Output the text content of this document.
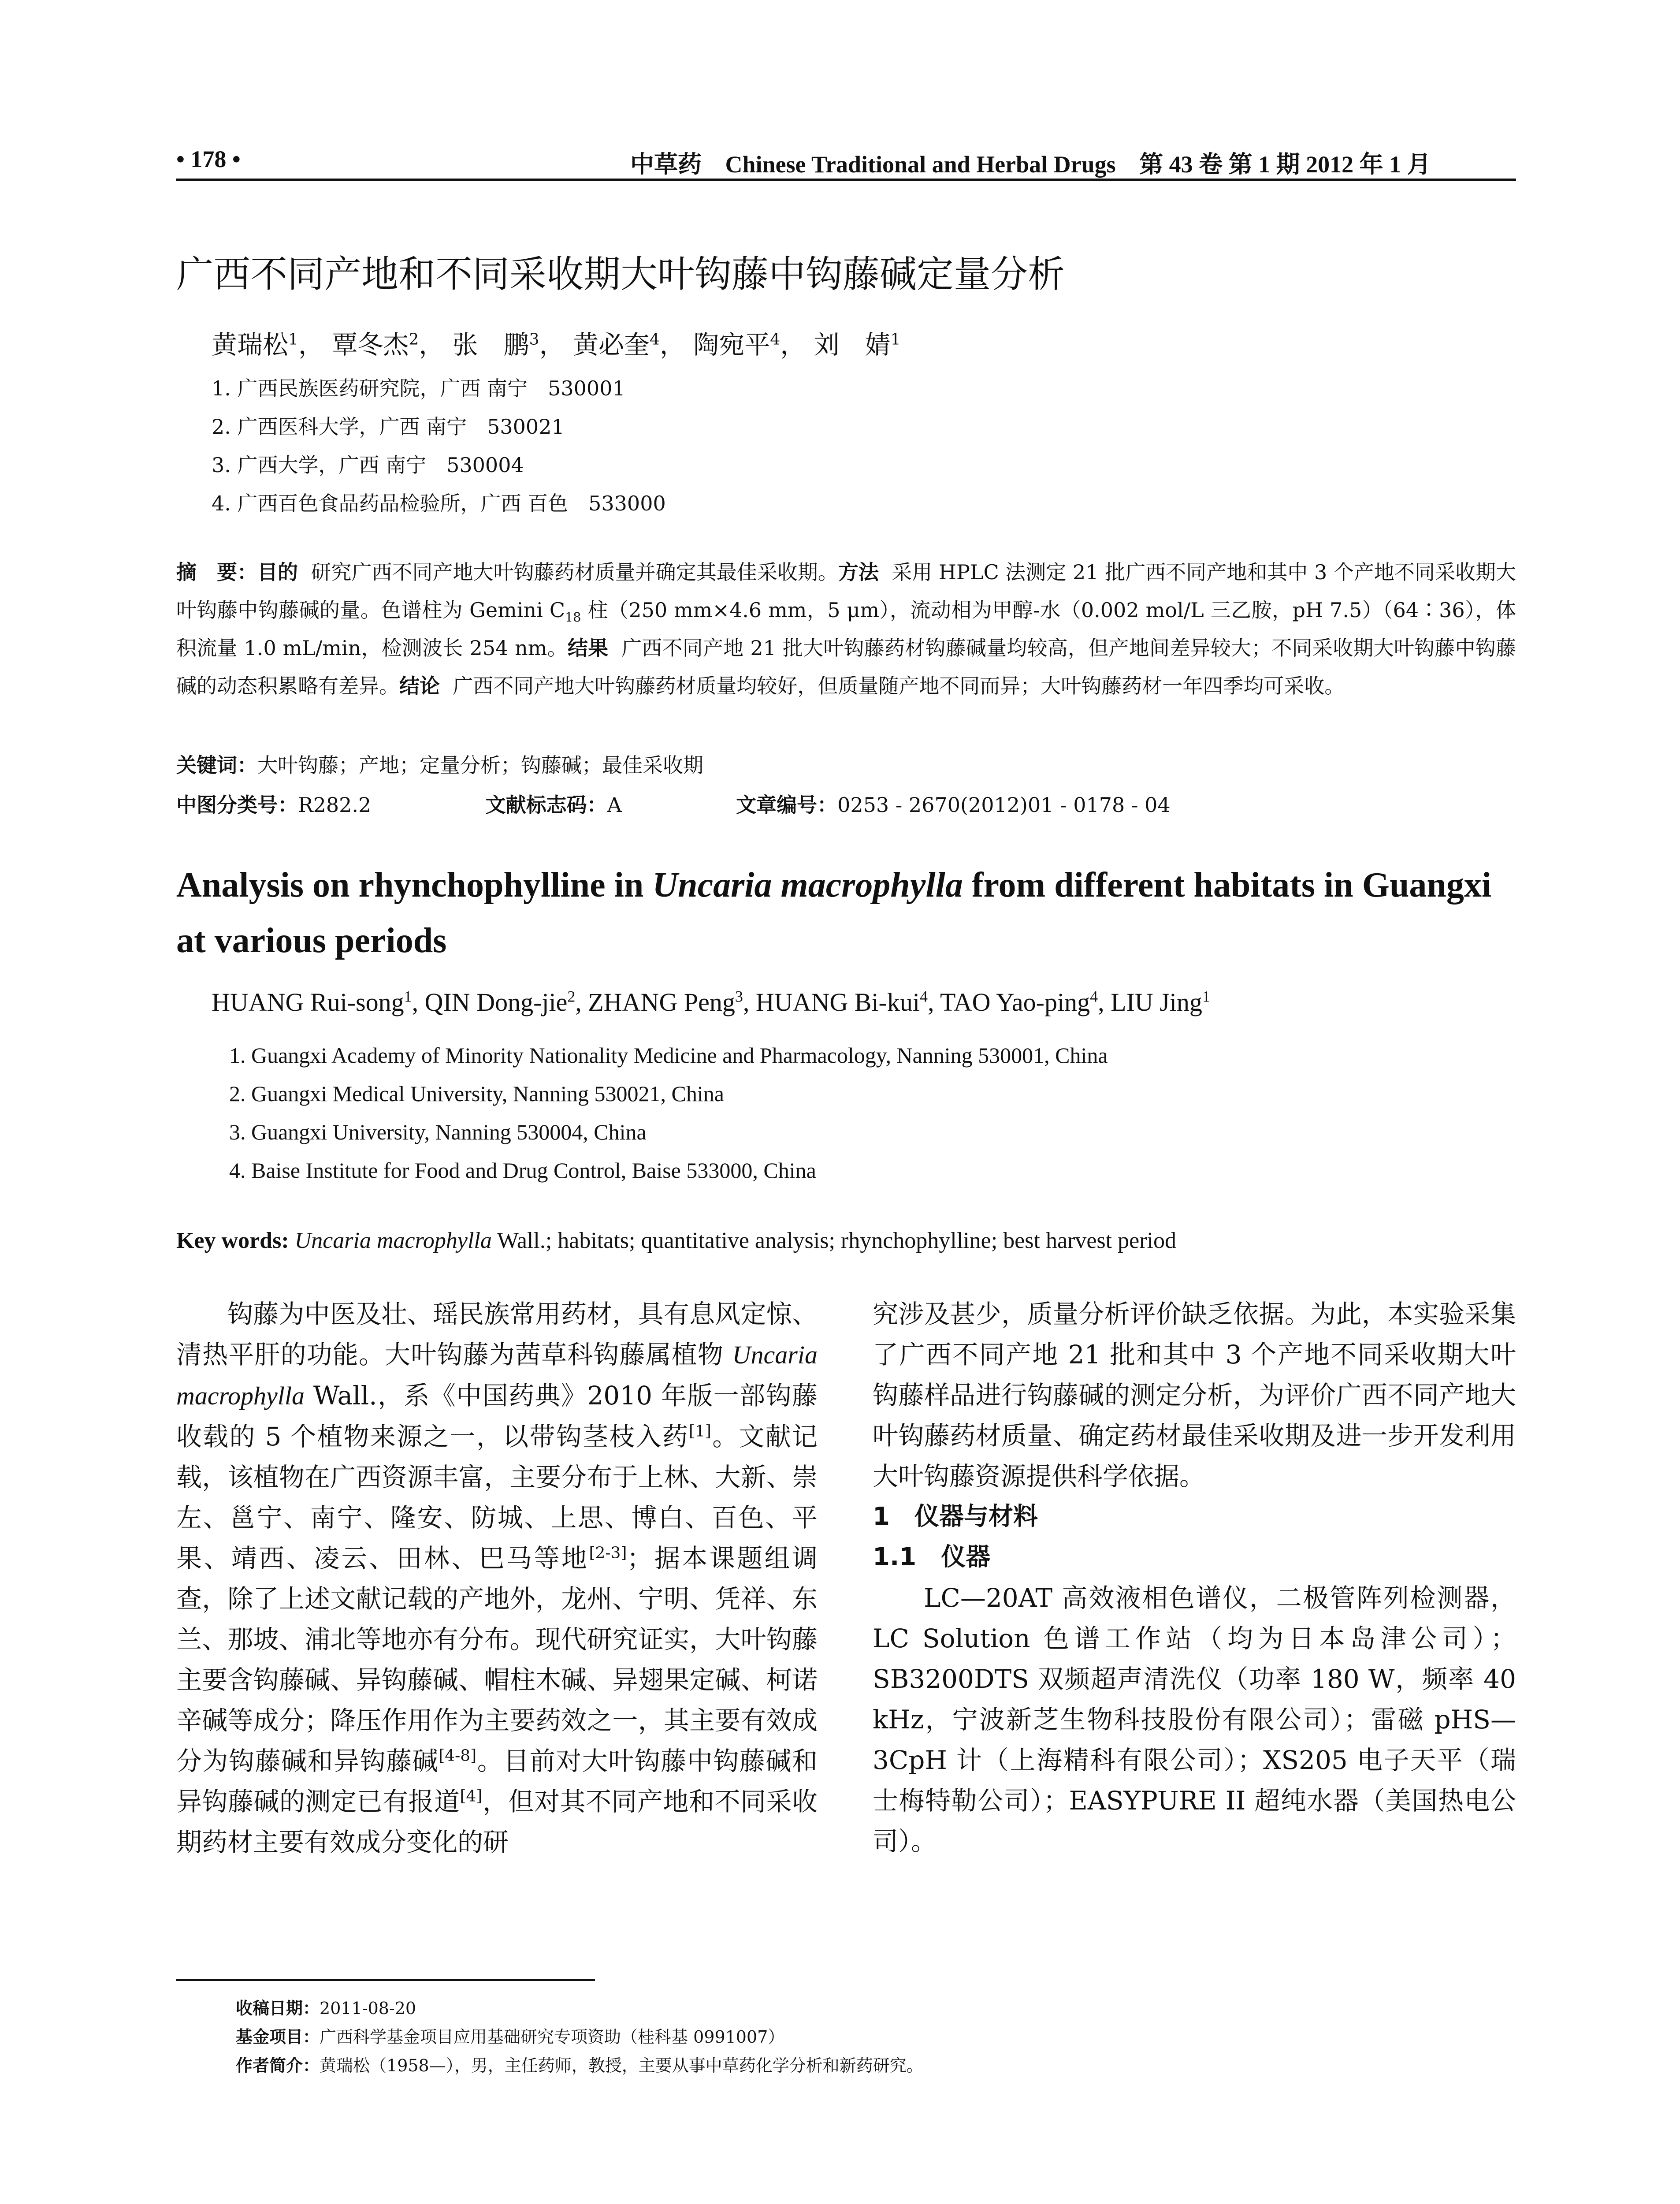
• 178 •	中草药 Chinese Traditional and Herbal Drugs 第 43 卷 第 1 期 2012 年 1 月
广西不同产地和不同采收期大叶钩藤中钩藤碱定量分析
黄瑞松$^1$， 覃冬杰$^2$， 张　鹏$^3$， 黄必奎$^4$， 陶宛平$^4$， 刘　婧$^1$
1. 广西民族医药研究院，广西 南宁　530001
2. 广西医科大学，广西 南宁　530021
3. 广西大学，广西 南宁　530004
4. 广西百色食品药品检验所，广西 百色　533000
摘　要：目的 研究广西不同产地大叶钩藤药材质量并确定其最佳采收期。方法 采用 HPLC 法测定 21 批广西不同产地和其中 3 个产地不同采收期大叶钩藤中钩藤碱的量。色谱柱为 Gemini $C_{18}$ 柱（250 mm×4.6 mm，5 μm），流动相为甲醇-水（0.002 mol/L 三乙胺，pH 7.5）（64∶36），体积流量 1.0 mL/min，检测波长 254 nm。结果 广西不同产地 21 批大叶钩藤药材钩藤碱量均较高，但产地间差异较大；不同采收期大叶钩藤中钩藤碱的动态积累略有差异。结论 广西不同产地大叶钩藤药材质量均较好，但质量随产地不同而异；大叶钩藤药材一年四季均可采收。
关键词：大叶钩藤；产地；定量分析；钩藤碱；最佳采收期
中图分类号：R282.2	文献标志码：A	文章编号：0253 - 2670(2012)01 - 0178 - 04
Analysis on rhynchophylline in Uncaria macrophylla from different habitats in Guangxi at various periods
HUANG Rui-song$^1$, QIN Dong-jie$^2$, ZHANG Peng$^3$, HUANG Bi-kui$^4$, TAO Yao-ping$^4$, LIU Jing$^1$
1. Guangxi Academy of Minority Nationality Medicine and Pharmacology, Nanning 530001, China
2. Guangxi Medical University, Nanning 530021, China
3. Guangxi University, Nanning 530004, China
4. Baise Institute for Food and Drug Control, Baise 533000, China
Key words: Uncaria macrophylla Wall.; habitats; quantitative analysis; rhynchophylline; best harvest period

钩藤为中医及壮、瑶民族常用药材，具有息风定惊、清热平肝的功能。大叶钩藤为茜草科钩藤属植物 Uncaria macrophylla Wall.，系《中国药典》2010 年版一部钩藤收载的 5 个植物来源之一，以带钩茎枝入药[1]。文献记载，该植物在广西资源丰富，主要分布于上林、大新、崇左、邕宁、南宁、隆安、防城、上思、博白、百色、平果、靖西、凌云、田林、巴马等地[2-3]；据本课题组调查，除了上述文献记载的产地外，龙州、宁明、凭祥、东兰、那坡、浦北等地亦有分布。现代研究证实，大叶钩藤主要含钩藤碱、异钩藤碱、帽柱木碱、异翅果定碱、柯诺辛碱等成分；降压作用作为主要药效之一，其主要有效成分为钩藤碱和异钩藤碱[4-8]。目前对大叶钩藤中钩藤碱和异钩藤碱的测定已有报道[4]，但对其不同产地和不同采收期药材主要有效成分变化的研

究涉及甚少，质量分析评价缺乏依据。为此，本实验采集了广西不同产地 21 批和其中 3 个产地不同采收期大叶钩藤样品进行钩藤碱的测定分析，为评价广西不同产地大叶钩藤药材质量、确定药材最佳采收期及进一步开发利用大叶钩藤资源提供科学依据。

1　仪器与材料
1.1　仪器

LC—20AT 高效液相色谱仪，二极管阵列检测器，LC Solution 色谱工作站（均为日本岛津公司）；SB3200DTS 双频超声清洗仪（功率 180 W，频率 40 kHz，宁波新芝生物科技股份有限公司）；雷磁 pHS—3CpH 计（上海精科有限公司）；XS205 电子天平（瑞士梅特勒公司）；EASYPURE II 超纯水器（美国热电公司）。

收稿日期：2011-08-20
基金项目：广西科学基金项目应用基础研究专项资助（桂科基 0991007）
作者简介：黄瑞松（1958—），男，主任药师，教授，主要从事中草药化学分析和新药研究。
